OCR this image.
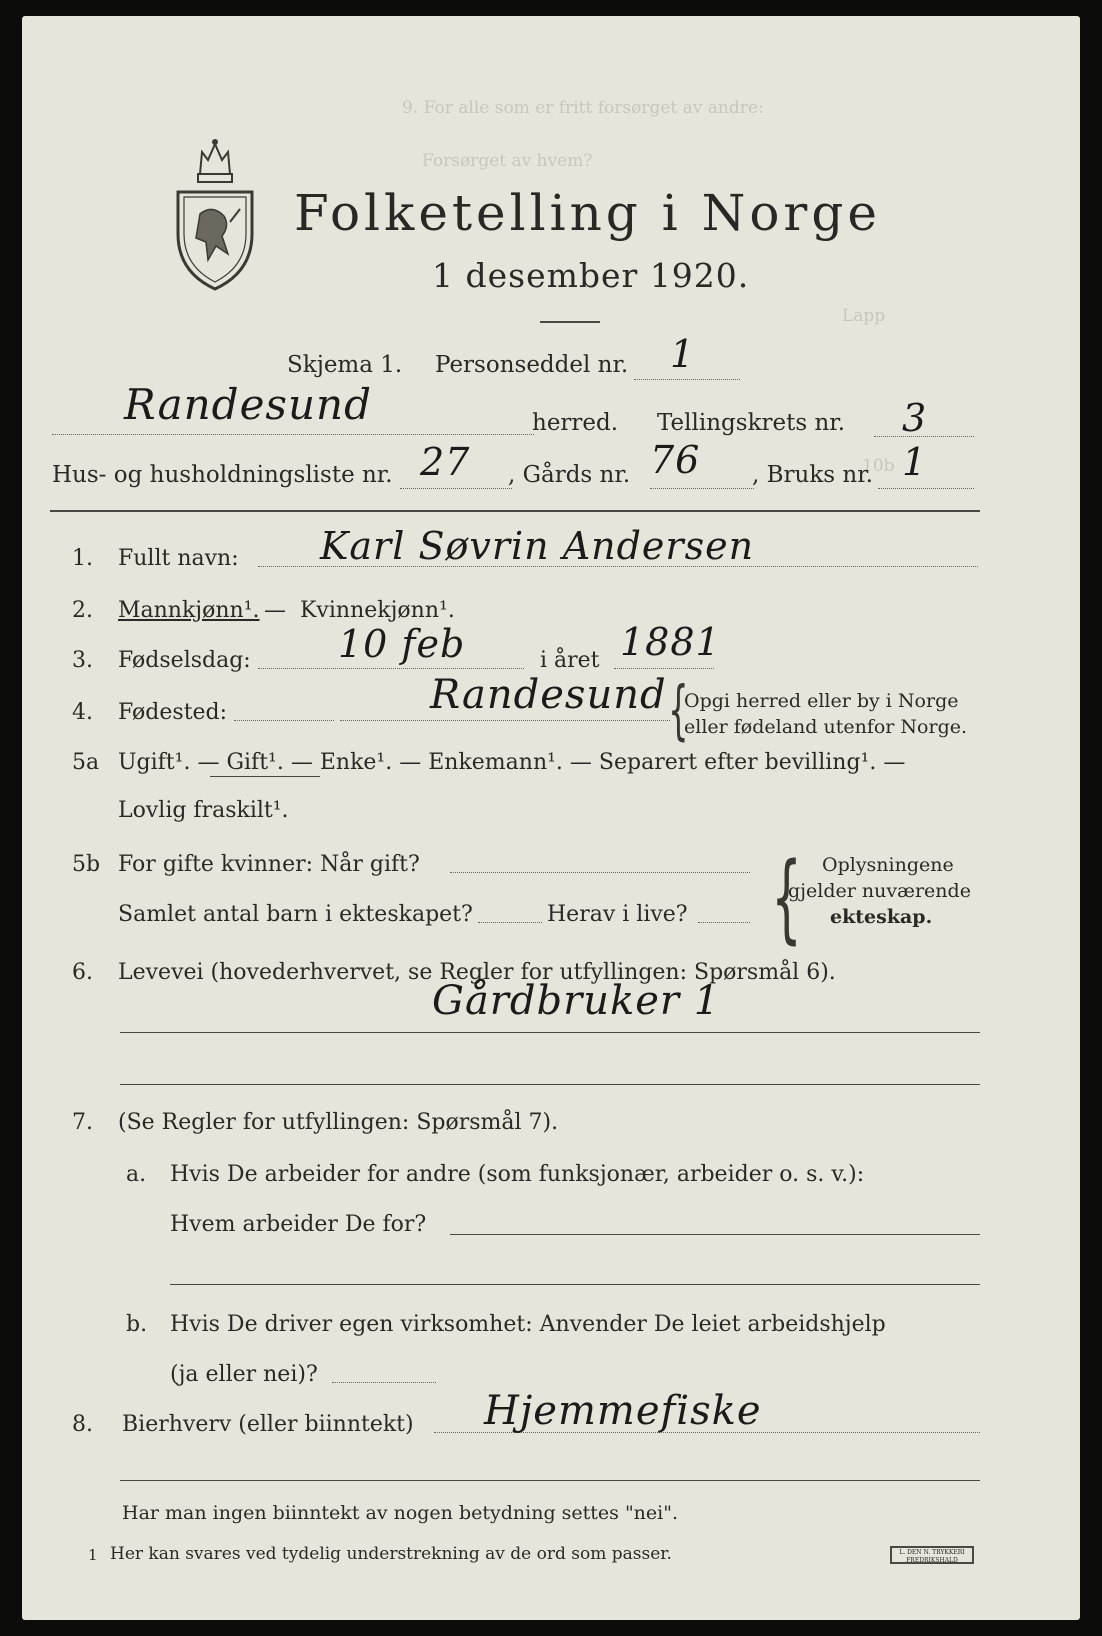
9. For alle som er fritt forsørget av andre:
Forsørget av hvem?
Lapp
10b
Folketelling i Norge
1 desember 1920.
Skjema 1. Personseddel nr. 1
Randesund	herred. Tellingskrets nr. 3
Hus- og husholdningsliste nr. 27 , Gårds nr. 76 , Bruks nr. 1
1. Fullt navn: Karl Søvrin Andersen
2. Mannkjønn¹. — Kvinnekjønn¹.
3. Fødselsdag: 10 feb	i året 1881
4. Fødested:	Randesund {
Opgi herred eller by i Norge
eller fødeland utenfor Norge.
5a Ugift¹. — Gift¹. — Enke¹. — Enkemann¹. — Separert efter bevilling¹. —
Lovlig fraskilt¹.
5b For gifte kvinner: Når gift?
Samlet antal barn i ekteskapet?	Herav i live? { Oplysningene
gjelder nuværende
ekteskap.
6. Levevei (hovederhvervet, se Regler for utfyllingen: Spørsmål 6).
Gårdbruker 1
7. (Se Regler for utfyllingen: Spørsmål 7).
a. Hvis De arbeider for andre (som funksjonær, arbeider o. s. v.):
Hvem arbeider De for?
b. Hvis De driver egen virksomhet: Anvender De leiet arbeidshjelp
(ja eller nei)?
8. Bierhverv (eller biinntekt) Hjemmefiske
Har man ingen biinntekt av nogen betydning settes "nei".
1 Her kan svares ved tydelig understrekning av de ord som passer.	L. DEN N. TRYKKERI FREDRIKSHALD
